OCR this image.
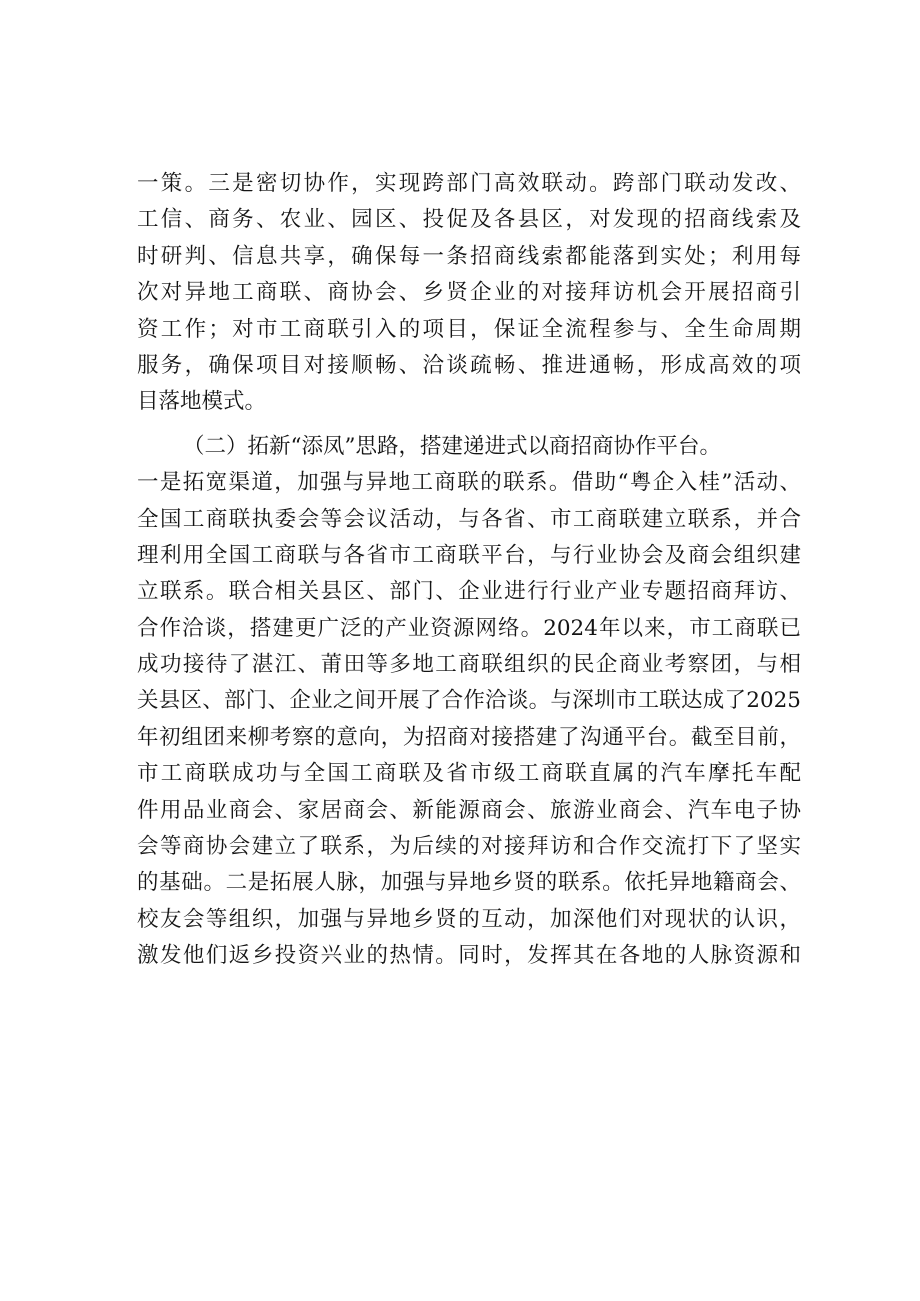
一策。三是密切协作，实现跨部门高效联动。跨部门联动发改、
工信、商务、农业、园区、投促及各县区，对发现的招商线索及
时研判、信息共享，确保每一条招商线索都能落到实处；利用每
次对异地工商联、商协会、乡贤企业的对接拜访机会开展招商引
资工作；对市工商联引入的项目，保证全流程参与、全生命周期
服务，确保项目对接顺畅、洽谈疏畅、推进通畅，形成高效的项
目落地模式。
（二）拓新“添凤”思路，搭建递进式以商招商协作平台。
一是拓宽渠道，加强与异地工商联的联系。借助“粤企入桂”活动、
全国工商联执委会等会议活动，与各省、市工商联建立联系，并合
理利用全国工商联与各省市工商联平台，与行业协会及商会组织建
立联系。联合相关县区、部门、企业进行行业产业专题招商拜访、
合作洽谈，搭建更广泛的产业资源网络。2024年以来，市工商联已
成功接待了湛江、莆田等多地工商联组织的民企商业考察团，与相
关县区、部门、企业之间开展了合作洽谈。与深圳市工联达成了2025
年初组团来柳考察的意向，为招商对接搭建了沟通平台。截至目前，
市工商联成功与全国工商联及省市级工商联直属的汽车摩托车配
件用品业商会、家居商会、新能源商会、旅游业商会、汽车电子协
会等商协会建立了联系，为后续的对接拜访和合作交流打下了坚实
的基础。二是拓展人脉，加强与异地乡贤的联系。依托异地籍商会、
校友会等组织，加强与异地乡贤的互动，加深他们对现状的认识，
激发他们返乡投资兴业的热情。同时，发挥其在各地的人脉资源和
